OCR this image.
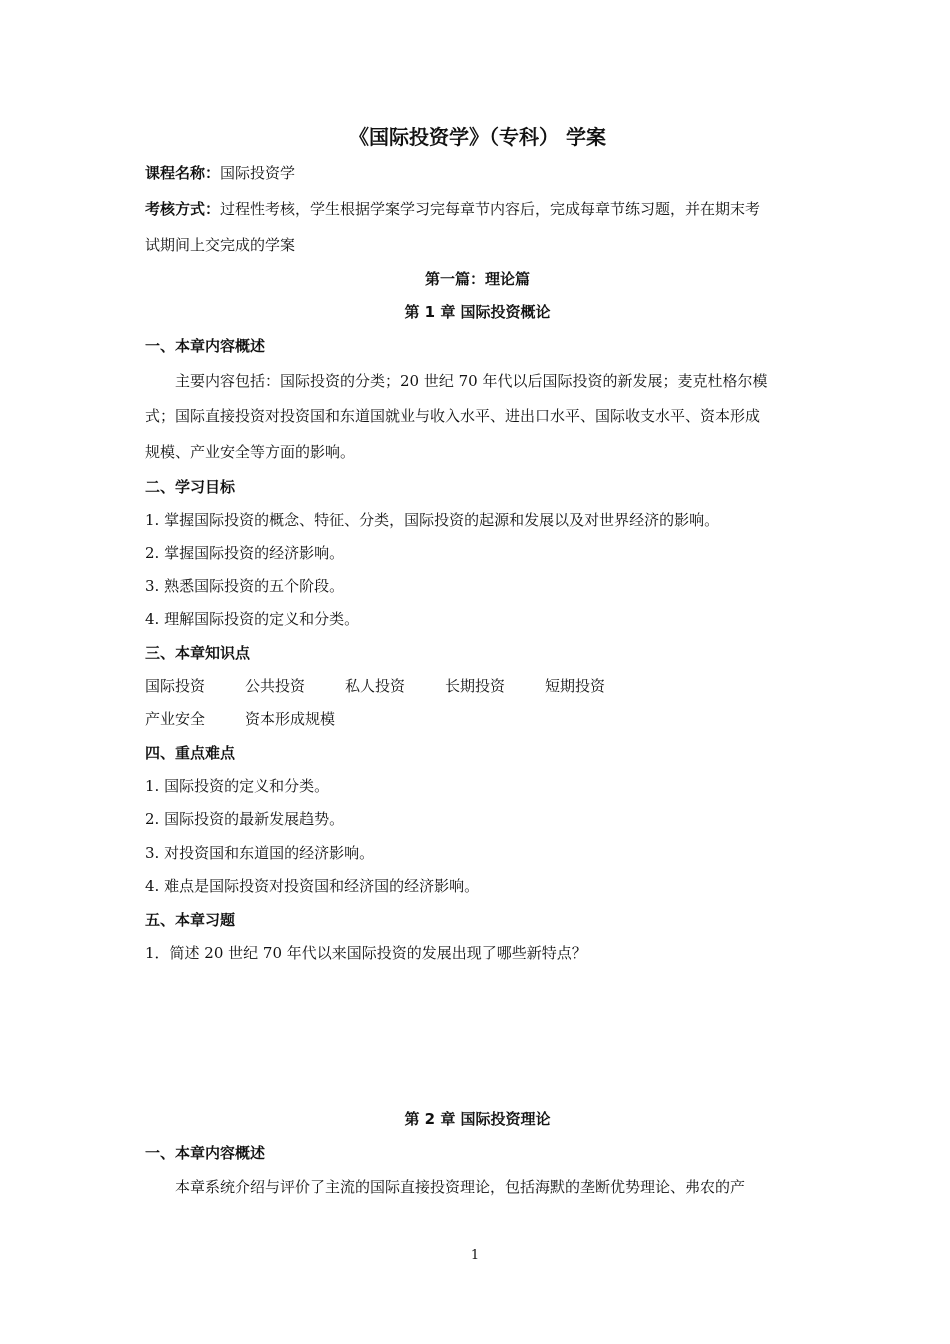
《国际投资学》（专科） 学案
课程名称：国际投资学
考核方式：过程性考核，学生根据学案学习完每章节内容后，完成每章节练习题，并在期末考
试期间上交完成的学案
第一篇：理论篇
第 1 章 国际投资概论
一、本章内容概述
主要内容包括：国际投资的分类；20 世纪 70 年代以后国际投资的新发展；麦克杜格尔模
式；国际直接投资对投资国和东道国就业与收入水平、进出口水平、国际收支水平、资本形成
规模、产业安全等方面的影响。
二、学习目标
1. 掌握国际投资的概念、特征、分类，国际投资的起源和发展以及对世界经济的影响。
2. 掌握国际投资的经济影响。
3. 熟悉国际投资的五个阶段。
4. 理解国际投资的定义和分类。
三、本章知识点
国际投资	公共投资	私人投资	长期投资	短期投资
产业安全	资本形成规模
四、重点难点
1. 国际投资的定义和分类。
2. 国际投资的最新发展趋势。
3. 对投资国和东道国的经济影响。
4. 难点是国际投资对投资国和经济国的经济影响。
五、本章习题
1．简述 20 世纪 70 年代以来国际投资的发展出现了哪些新特点？
第 2 章 国际投资理论
一、本章内容概述
本章系统介绍与评价了主流的国际直接投资理论，包括海默的垄断优势理论、弗农的产
1
